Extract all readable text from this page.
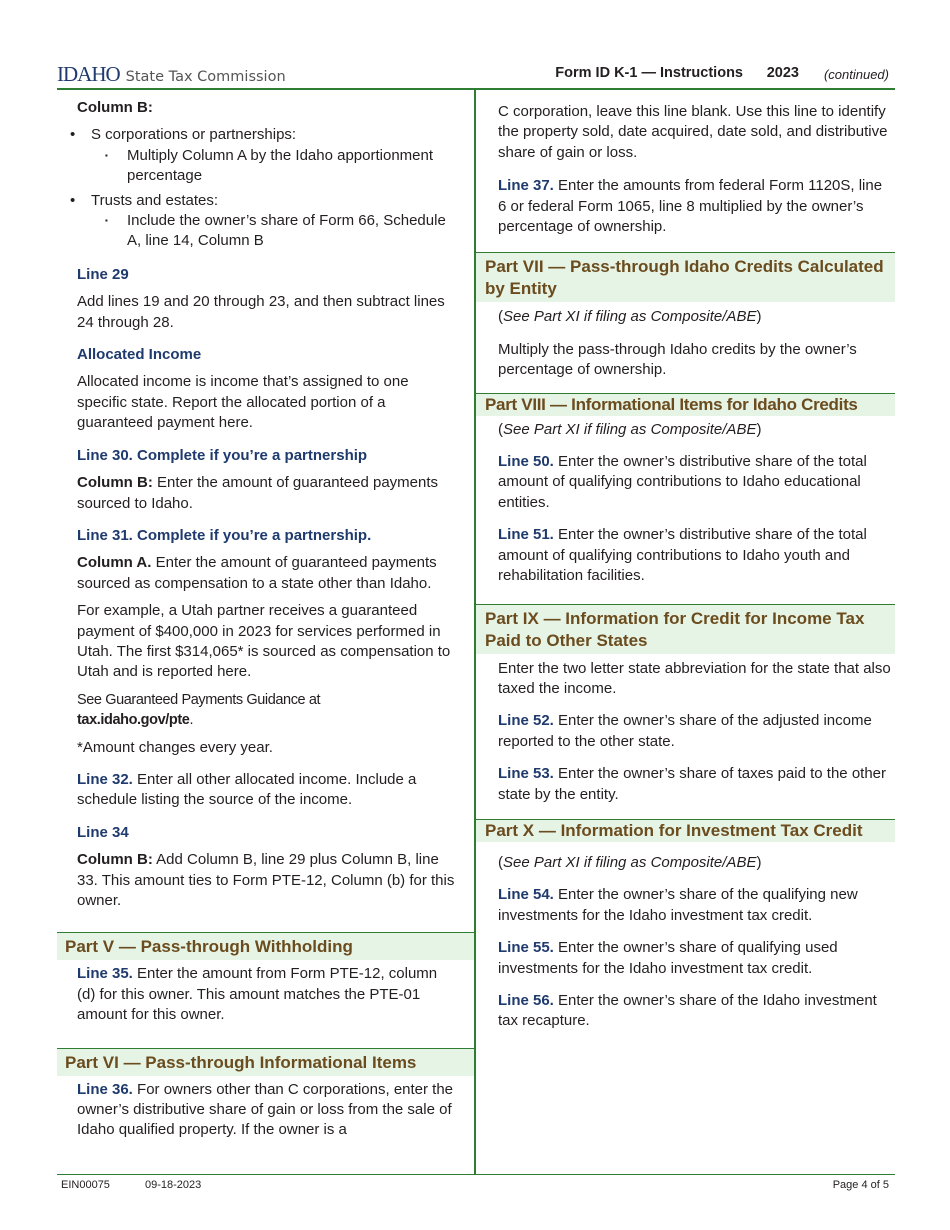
IDAHO State Tax Commission	Form ID K-1 — Instructions 2023 (continued)

Column B:

• S corporations or partnerships:
▪ Multiply Column A by the Idaho apportionment percentage
• Trusts and estates:
▪ Include the owner’s share of Form 66, Schedule A, line 14, Column B

Line 29

Add lines 19 and 20 through 23, and then subtract lines 24 through 28.

Allocated Income

Allocated income is income that’s assigned to one specific state. Report the allocated portion of a guaranteed payment here.

Line 30. Complete if you’re a partnership

Column B: Enter the amount of guaranteed payments sourced to Idaho.

Line 31. Complete if you’re a partnership.

Column A. Enter the amount of guaranteed payments sourced as compensation to a state other than Idaho.

For example, a Utah partner receives a guaranteed payment of $400,000 in 2023 for services performed in Utah. The first $314,065* is sourced as compensation to Utah and is reported here.

See Guaranteed Payments Guidance at
tax.idaho.gov/pte.

*Amount changes every year.

Line 32. Enter all other allocated income. Include a schedule listing the source of the income.

Line 34

Column B: Add Column B, line 29 plus Column B, line 33. This amount ties to Form PTE-12, Column (b) for this owner.

Part V — Pass-through Withholding

Line 35. Enter the amount from Form PTE-12, column (d) for this owner. This amount matches the PTE-01 amount for this owner.

Part VI — Pass-through Informational Items

Line 36. For owners other than C corporations, enter the owner’s distributive share of gain or loss from the sale of Idaho qualified property. If the owner is a

C corporation, leave this line blank. Use this line to identify the property sold, date acquired, date sold, and distributive share of gain or loss.

Line 37. Enter the amounts from federal Form 1120S, line 6 or federal Form 1065, line 8 multiplied by the owner’s percentage of ownership.

Part VII — Pass-through Idaho Credits Calculated by Entity

(See Part XI if filing as Composite/ABE)

Multiply the pass-through Idaho credits by the owner’s percentage of ownership.

Part VIII — Informational Items for Idaho Credits

(See Part XI if filing as Composite/ABE)

Line 50. Enter the owner’s distributive share of the total amount of qualifying contributions to Idaho educational entities.

Line 51. Enter the owner’s distributive share of the total amount of qualifying contributions to Idaho youth and rehabilitation facilities.

Part IX — Information for Credit for Income Tax Paid to Other States

Enter the two letter state abbreviation for the state that also taxed the income.

Line 52. Enter the owner’s share of the adjusted income reported to the other state.

Line 53. Enter the owner’s share of taxes paid to the other state by the entity.

Part X — Information for Investment Tax Credit

(See Part XI if filing as Composite/ABE)

Line 54. Enter the owner’s share of the qualifying new investments for the Idaho investment tax credit.

Line 55. Enter the owner’s share of qualifying used investments for the Idaho investment tax credit.

Line 56. Enter the owner’s share of the Idaho investment tax recapture.

EIN00075	09-18-2023	Page 4 of 5
